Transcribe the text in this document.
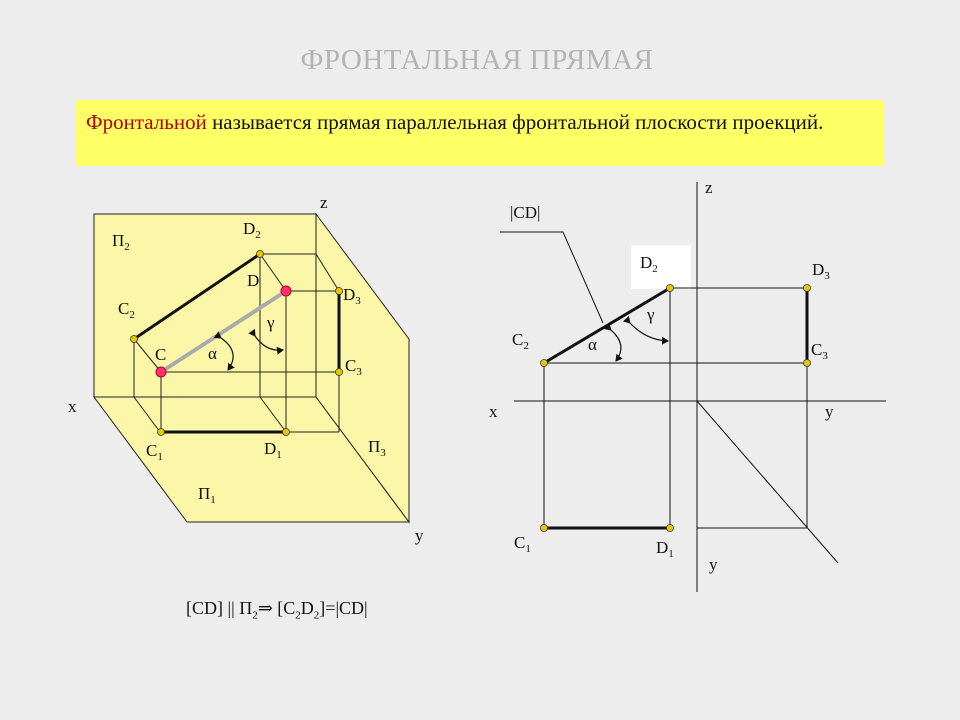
ФРОНТАЛЬНАЯ ПРЯМАЯ
Фронтальной называется прямая параллельная фронтальной плоскости проекций.
z
x
y
$П_2$
$П_1$
$П_3$
$D_2$
$C_2$
D
C
$D_3$
$C_3$
$C_1$	$D_1$
α
γ
z
x	y
y
|CD|
$D_2$	$D_3$
$C_2$	$C_3$
$C_1$	$D_1$
α
γ
[CD] || $П_2\Rightarrow$ $[C_2D_2]=|CD|$
